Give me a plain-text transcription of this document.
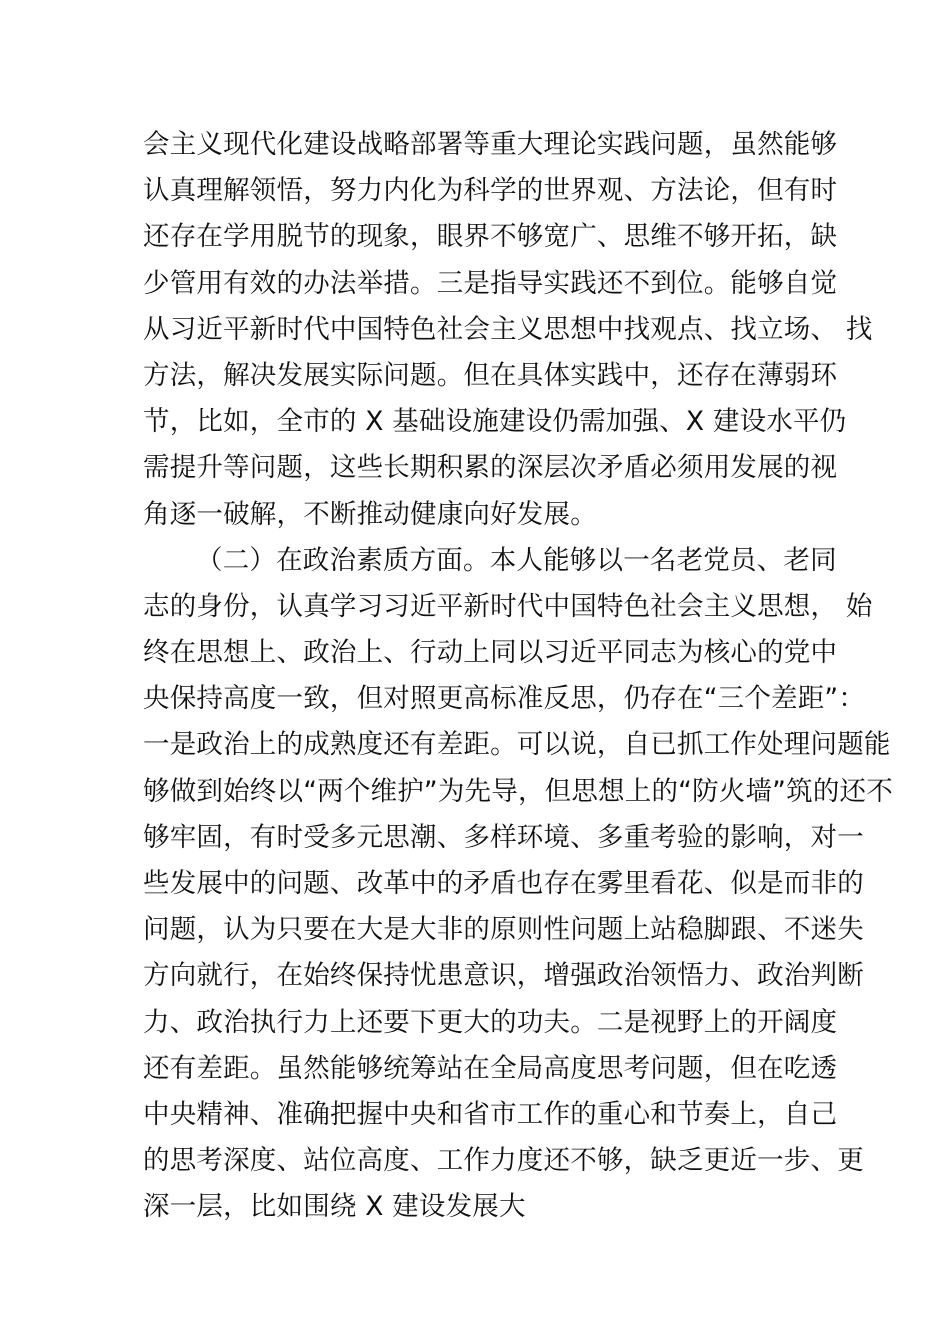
会主义现代化建设战略部署等重大理论实践问题，虽然能够
认真理解领悟，努力内化为科学的世界观、方法论，但有时
还存在学用脱节的现象，眼界不够宽广、思维不够开拓，缺
少管用有效的办法举措。三是指导实践还不到位。能够自觉
从习近平新时代中国特色社会主义思想中找观点、找立场、 找
方法，解决发展实际问题。但在具体实践中，还存在薄弱环
节，比如，全市的 X 基础设施建设仍需加强、X 建设水平仍
需提升等问题，这些长期积累的深层次矛盾必须用发展的视
角逐一破解，不断推动健康向好发展。
（二）在政治素质方面。本人能够以一名老党员、老同
志的身份，认真学习习近平新时代中国特色社会主义思想， 始
终在思想上、政治上、行动上同以习近平同志为核心的党中
央保持高度一致，但对照更高标准反思，仍存在“三个差距”：
一是政治上的成熟度还有差距。可以说，自已抓工作处理问题能
够做到始终以“两个维护”为先导，但思想上的“防火墙”筑的还不
够牢固，有时受多元思潮、多样环境、多重考验的影响，对一
些发展中的问题、改革中的矛盾也存在雾里看花、似是而非的
问题，认为只要在大是大非的原则性问题上站稳脚跟、不迷失
方向就行，在始终保持忧患意识，增强政治领悟力、政治判断
力、政治执行力上还要下更大的功夫。二是视野上的开阔度
还有差距。虽然能够统筹站在全局高度思考问题，但在吃透
中央精神、准确把握中央和省市工作的重心和节奏上，自己
的思考深度、站位高度、工作力度还不够，缺乏更近一步、更
深一层，比如围绕 X 建设发展大
